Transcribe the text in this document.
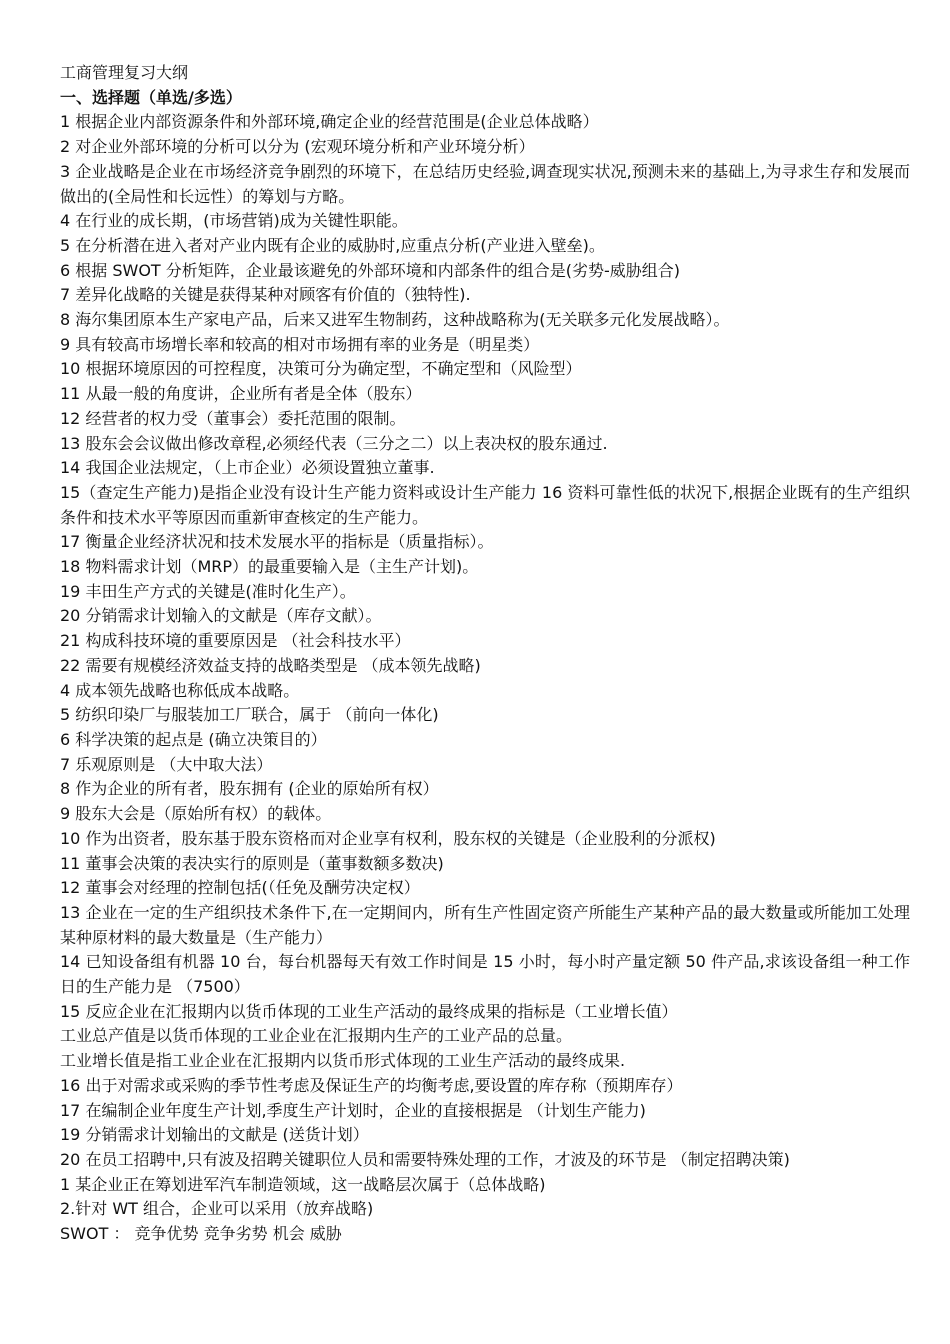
工商管理复习大纲
一、选择题（单选/多选）
1 根据企业内部资源条件和外部环境,确定企业的经营范围是(企业总体战略）
2 对企业外部环境的分析可以分为 (宏观环境分析和产业环境分析）
3 企业战略是企业在市场经济竞争剧烈的环境下，在总结历史经验,调查现实状况,预测未来的基础上,为寻求生存和发展而做出的(全局性和长远性）的筹划与方略。
4 在行业的成长期，(市场营销)成为关键性职能。
5 在分析潜在进入者对产业内既有企业的威胁时,应重点分析(产业进入壁垒)。
6 根据 SWOT 分析矩阵，企业最该避免的外部环境和内部条件的组合是(劣势-威胁组合)
7 差异化战略的关键是获得某种对顾客有价值的（独特性).
8 海尔集团原本生产家电产品，后来又进军生物制药，这种战略称为(无关联多元化发展战略）。
9 具有较高市场增长率和较高的相对市场拥有率的业务是（明星类）
10 根据环境原因的可控程度，决策可分为确定型，不确定型和（风险型）
11 从最一般的角度讲，企业所有者是全体（股东）
12 经营者的权力受（董事会）委托范围的限制。
13 股东会会议做出修改章程,必须经代表（三分之二）以上表决权的股东通过.
14 我国企业法规定，（上市企业）必须设置独立董事.
15（查定生产能力)是指企业没有设计生产能力资料或设计生产能力 16 资料可靠性低的状况下,根据企业既有的生产组织条件和技术水平等原因而重新审查核定的生产能力。
17 衡量企业经济状况和技术发展水平的指标是（质量指标）。
18 物料需求计划（MRP）的最重要输入是（主生产计划)。
19 丰田生产方式的关键是(准时化生产）。
20 分销需求计划输入的文献是（库存文献）。
21 构成科技环境的重要原因是 （社会科技水平）
22 需要有规模经济效益支持的战略类型是 （成本领先战略)
4 成本领先战略也称低成本战略。
5 纺织印染厂与服装加工厂联合，属于 （前向一体化)
6 科学决策的起点是 (确立决策目的）
7 乐观原则是 （大中取大法）
8 作为企业的所有者，股东拥有 (企业的原始所有权）
9 股东大会是（原始所有权）的载体。
10 作为出资者，股东基于股东资格而对企业享有权利，股东权的关键是（企业股利的分派权)
11 董事会决策的表决实行的原则是（董事数额多数决)
12 董事会对经理的控制包括(（任免及酬劳决定权）
13 企业在一定的生产组织技术条件下,在一定期间内，所有生产性固定资产所能生产某种产品的最大数量或所能加工处理某种原材料的最大数量是（生产能力）
14 已知设备组有机器 10 台，每台机器每天有效工作时间是 15 小时，每小时产量定额 50 件产品,求该设备组一种工作日的生产能力是 （7500）
15 反应企业在汇报期内以货币体现的工业生产活动的最终成果的指标是（工业增长值）
工业总产值是以货币体现的工业企业在汇报期内生产的工业产品的总量。
工业增长值是指工业企业在汇报期内以货币形式体现的工业生产活动的最终成果.
16 出于对需求或采购的季节性考虑及保证生产的均衡考虑,要设置的库存称（预期库存）
17 在编制企业年度生产计划,季度生产计划时，企业的直接根据是 （计划生产能力)
19 分销需求计划输出的文献是 (送货计划）
20 在员工招聘中,只有波及招聘关键职位人员和需要特殊处理的工作，才波及的环节是 （制定招聘决策)
1 某企业正在筹划进军汽车制造领域，这一战略层次属于（总体战略)
2.针对 WT 组合，企业可以采用（放弃战略)
SWOT ： 竞争优势 竞争劣势 机会 威胁
